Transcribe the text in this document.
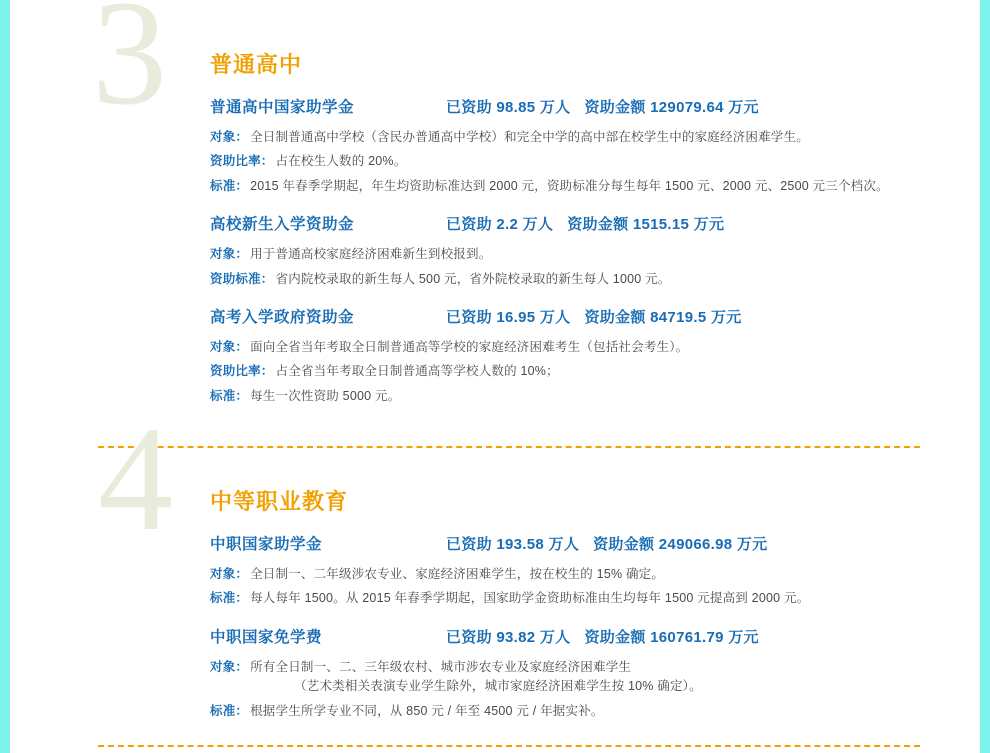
3 普通高中
普通高中国家助学金	已资助 98.85 万人 资助金额 129079.64 万元
对象： 全日制普通高中学校（含民办普通高中学校）和完全中学的高中部在校学生中的家庭经济困难学生。
资助比率： 占在校生人数的 20%。
标准： 2015 年春季学期起，年生均资助标准达到 2000 元，资助标准分每生每年 1500 元、2000 元、2500 元三个档次。
高校新生入学资助金	已资助 2.2 万人 资助金额 1515.15 万元
对象： 用于普通高校家庭经济困难新生到校报到。
资助标准： 省内院校录取的新生每人 500 元，省外院校录取的新生每人 1000 元。
高考入学政府资助金	已资助 16.95 万人 资助金额 84719.5 万元
对象： 面向全省当年考取全日制普通高等学校的家庭经济困难考生（包括社会考生）。
资助比率： 占全省当年考取全日制普通高等学校人数的 10%；
标准： 每生一次性资助 5000 元。
4 中等职业教育
中职国家助学金	已资助 193.58 万人 资助金额 249066.98 万元
对象： 全日制一、二年级涉农专业、家庭经济困难学生，按在校生的 15% 确定。
标准： 每人每年 1500。从 2015 年春季学期起，国家助学金资助标准由生均每年 1500 元提高到 2000 元。
中职国家免学费	已资助 93.82 万人 资助金额 160761.79 万元
对象： 所有全日制一、二、三年级农村、城市涉农专业及家庭经济困难学生
（艺术类相关表演专业学生除外，城市家庭经济困难学生按 10% 确定）。
标准： 根据学生所学专业不同，从 850 元 / 年至 4500 元 / 年据实补。
